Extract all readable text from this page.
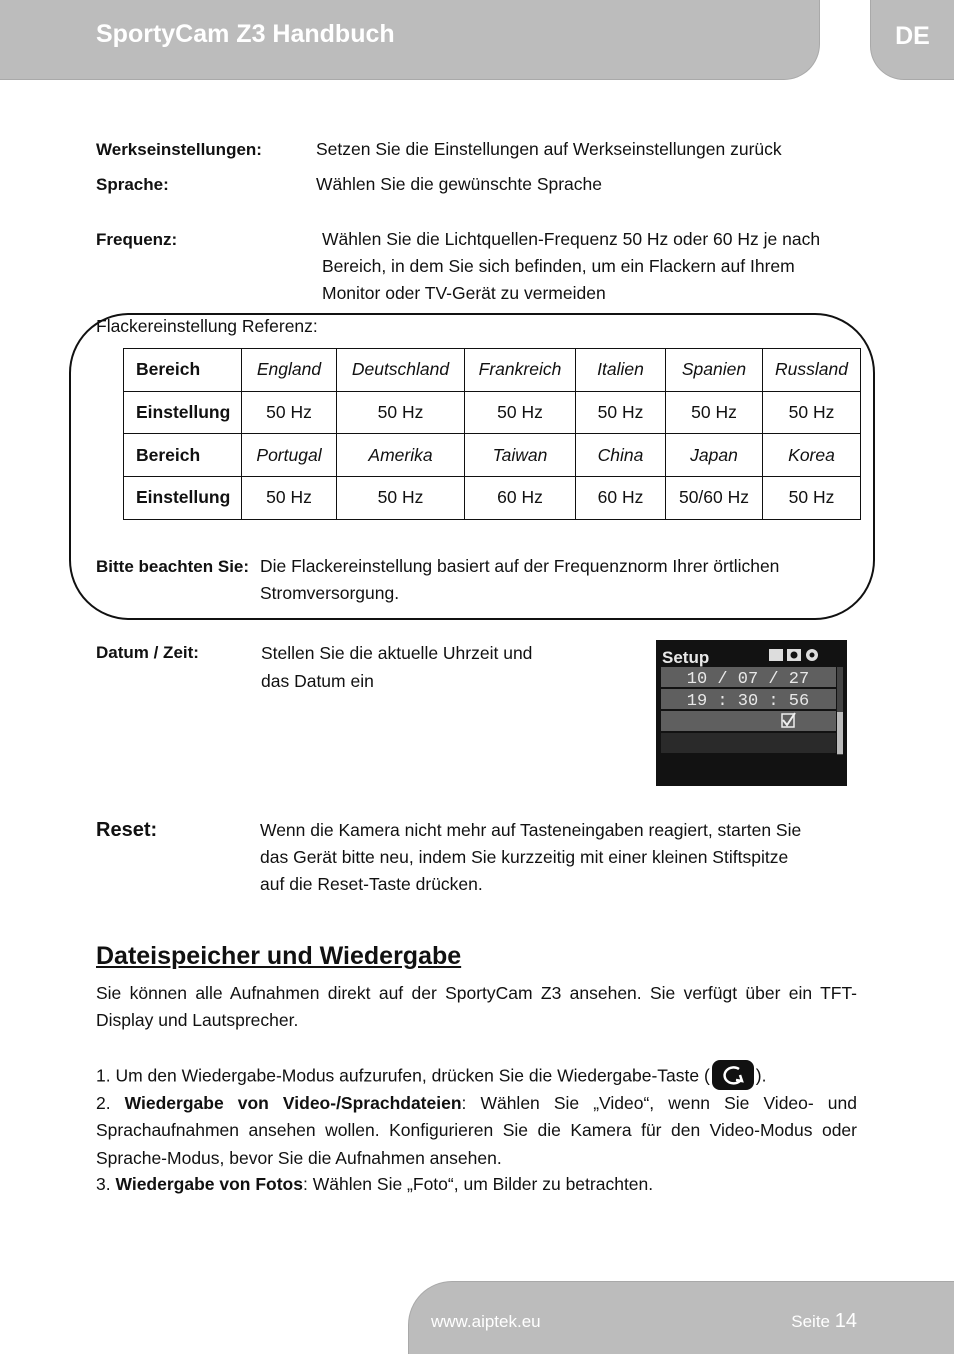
SportyCam Z3 Handbuch	DE
Werkseinstellungen:	Setzen Sie die Einstellungen auf Werkseinstellungen zurück
Sprache:	Wählen Sie die gewünschte Sprache
Frequenz:	Wählen Sie die Lichtquellen-Frequenz 50 Hz oder 60 Hz je nach
Bereich, in dem Sie sich befinden, um ein Flackern auf Ihrem
Monitor oder TV-Gerät zu vermeiden
Flackereinstellung Referenz:
Bereich	England	Deutschland	Frankreich	Italien	Spanien	Russland
Einstellung	50 Hz	50 Hz	50 Hz	50 Hz	50 Hz	50 Hz
Bereich	Portugal	Amerika	Taiwan	China	Japan	Korea
Einstellung	50 Hz	50 Hz	60 Hz	60 Hz	50/60 Hz	50 Hz
Bitte beachten Sie: Die Flackereinstellung basiert auf der Frequenznorm Ihrer örtlichen
Stromversorgung.
Datum / Zeit:	Stellen Sie die aktuelle Uhrzeit und
das Datum ein
Setup
10 / 07 / 27
19 : 30 : 56
Reset:	Wenn die Kamera nicht mehr auf Tasteneingaben reagiert, starten Sie
das Gerät bitte neu, indem Sie kurzzeitig mit einer kleinen Stiftspitze
auf die Reset-Taste drücken.
Dateispeicher und Wiedergabe
Sie können alle Aufnahmen direkt auf der SportyCam Z3 ansehen. Sie verfügt über ein TFT-Display und Lautsprecher.
1. Um den Wiedergabe-Modus aufzurufen, drücken Sie die Wiedergabe-Taste (	).
2. Wiedergabe von Video-/Sprachdateien: Wählen Sie „Video“, wenn Sie Video- und Sprachaufnahmen ansehen wollen. Konfigurieren Sie die Kamera für den Video-Modus oder Sprache-Modus, bevor Sie die Aufnahmen ansehen.
3. Wiedergabe von Fotos: Wählen Sie „Foto“, um Bilder zu betrachten.
www.aiptek.eu	Seite 14
